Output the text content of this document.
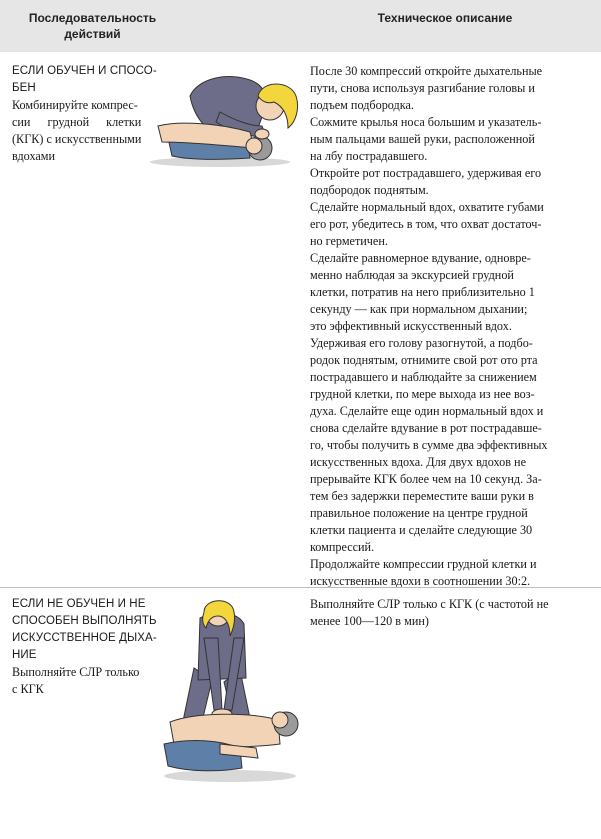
Последовательность
действий
Техническое описание
ЕСЛИ ОБУЧЕН И СПОСО-
БЕН
Комбинируйте компрес-
сии грудной клетки
(КГК) с искусственными
вдохами

После 30 компрессий откройте дыхательные

пути, снова используя разгибание головы и

подъем подбородка.

Сожмите крылья носа большим и указатель-

ным пальцами вашей руки, расположенной

на лбу пострадавшего.

Откройте рот пострадавшего, удерживая его

подбородок поднятым.

Сделайте нормальный вдох, охватите губами

его рот, убедитесь в том, что охват достаточ-

но герметичен.

Сделайте равномерное вдувание, одновре-

менно наблюдая за экскурсией грудной

клетки, потратив на него приблизительно 1

секунду — как при нормальном дыхании;

это эффективный искусственный вдох.

Удерживая его голову разогнутой, а подбо-

родок поднятым, отнимите свой рот ото рта

пострадавшего и наблюдайте за снижением

грудной клетки, по мере выхода из нее воз-

духа. Сделайте еще один нормальный вдох и

снова сделайте вдувание в рот пострадавше-

го, чтобы получить в сумме два эффективных

искусственных вдоха. Для двух вдохов не

прерывайте КГК более чем на 10 секунд. За-

тем без задержки переместите ваши руки в

правильное положение на центре грудной

клетки пациента и сделайте следующие 30

компрессий.

Продолжайте компрессии грудной клетки и

искусственные вдохи в соотношении 30:2.

ЕСЛИ НЕ ОБУЧЕН И НЕ
СПОСОБЕН ВЫПОЛНЯТЬ
ИСКУССТВЕННОЕ ДЫХА-
НИЕ
Выполняйте СЛР только
с КГК

Выполняйте СЛР только с КГК (с частотой не

менее 100—120 в мин)
